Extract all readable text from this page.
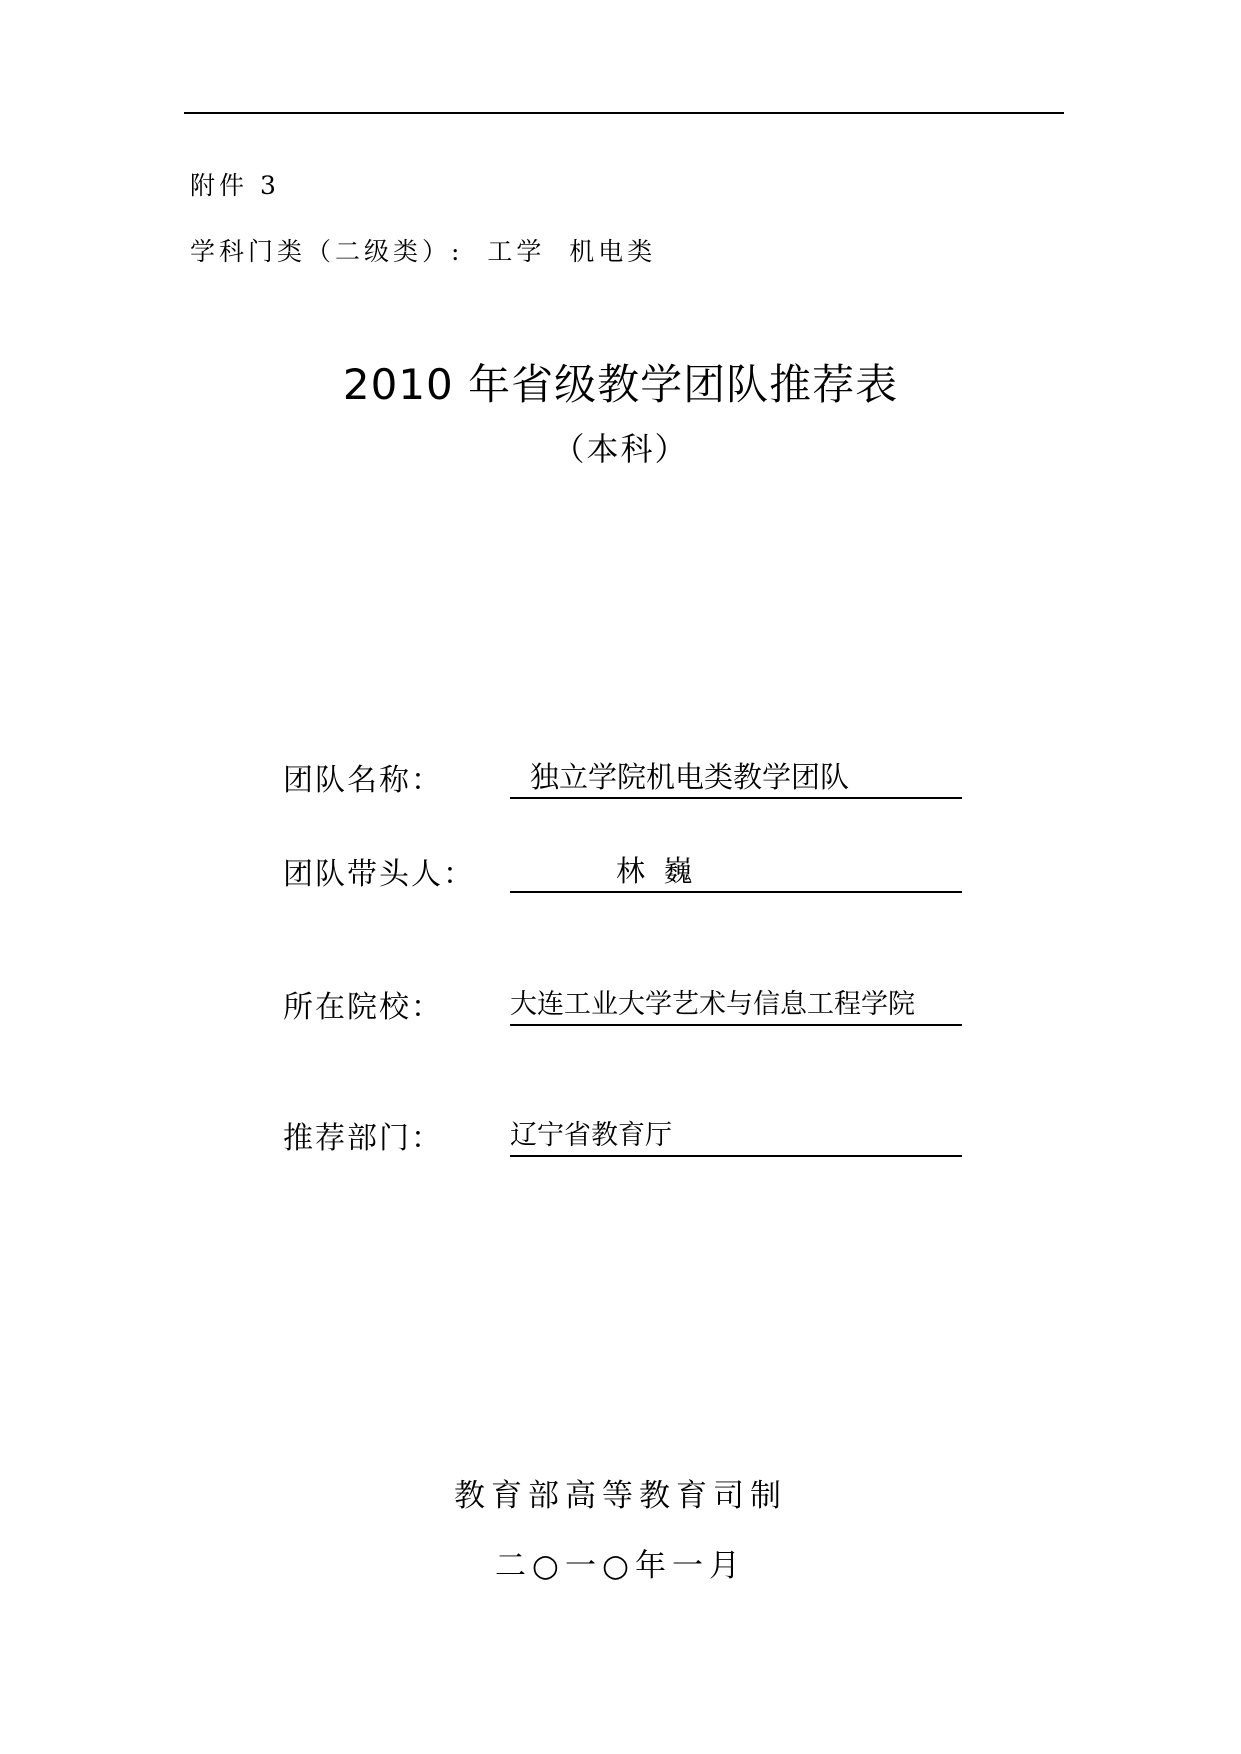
附件 3
学科门类（二级类）:  工学  机电类
2010 年省级教学团队推荐表
（本科）
团队名称：	独立学院机电类教学团队
团队带头人：	林  巍
所在院校： 大连工业大学艺术与信息工程学院
推荐部门： 辽宁省教育厅
教育部高等教育司制
二○一○年一月
